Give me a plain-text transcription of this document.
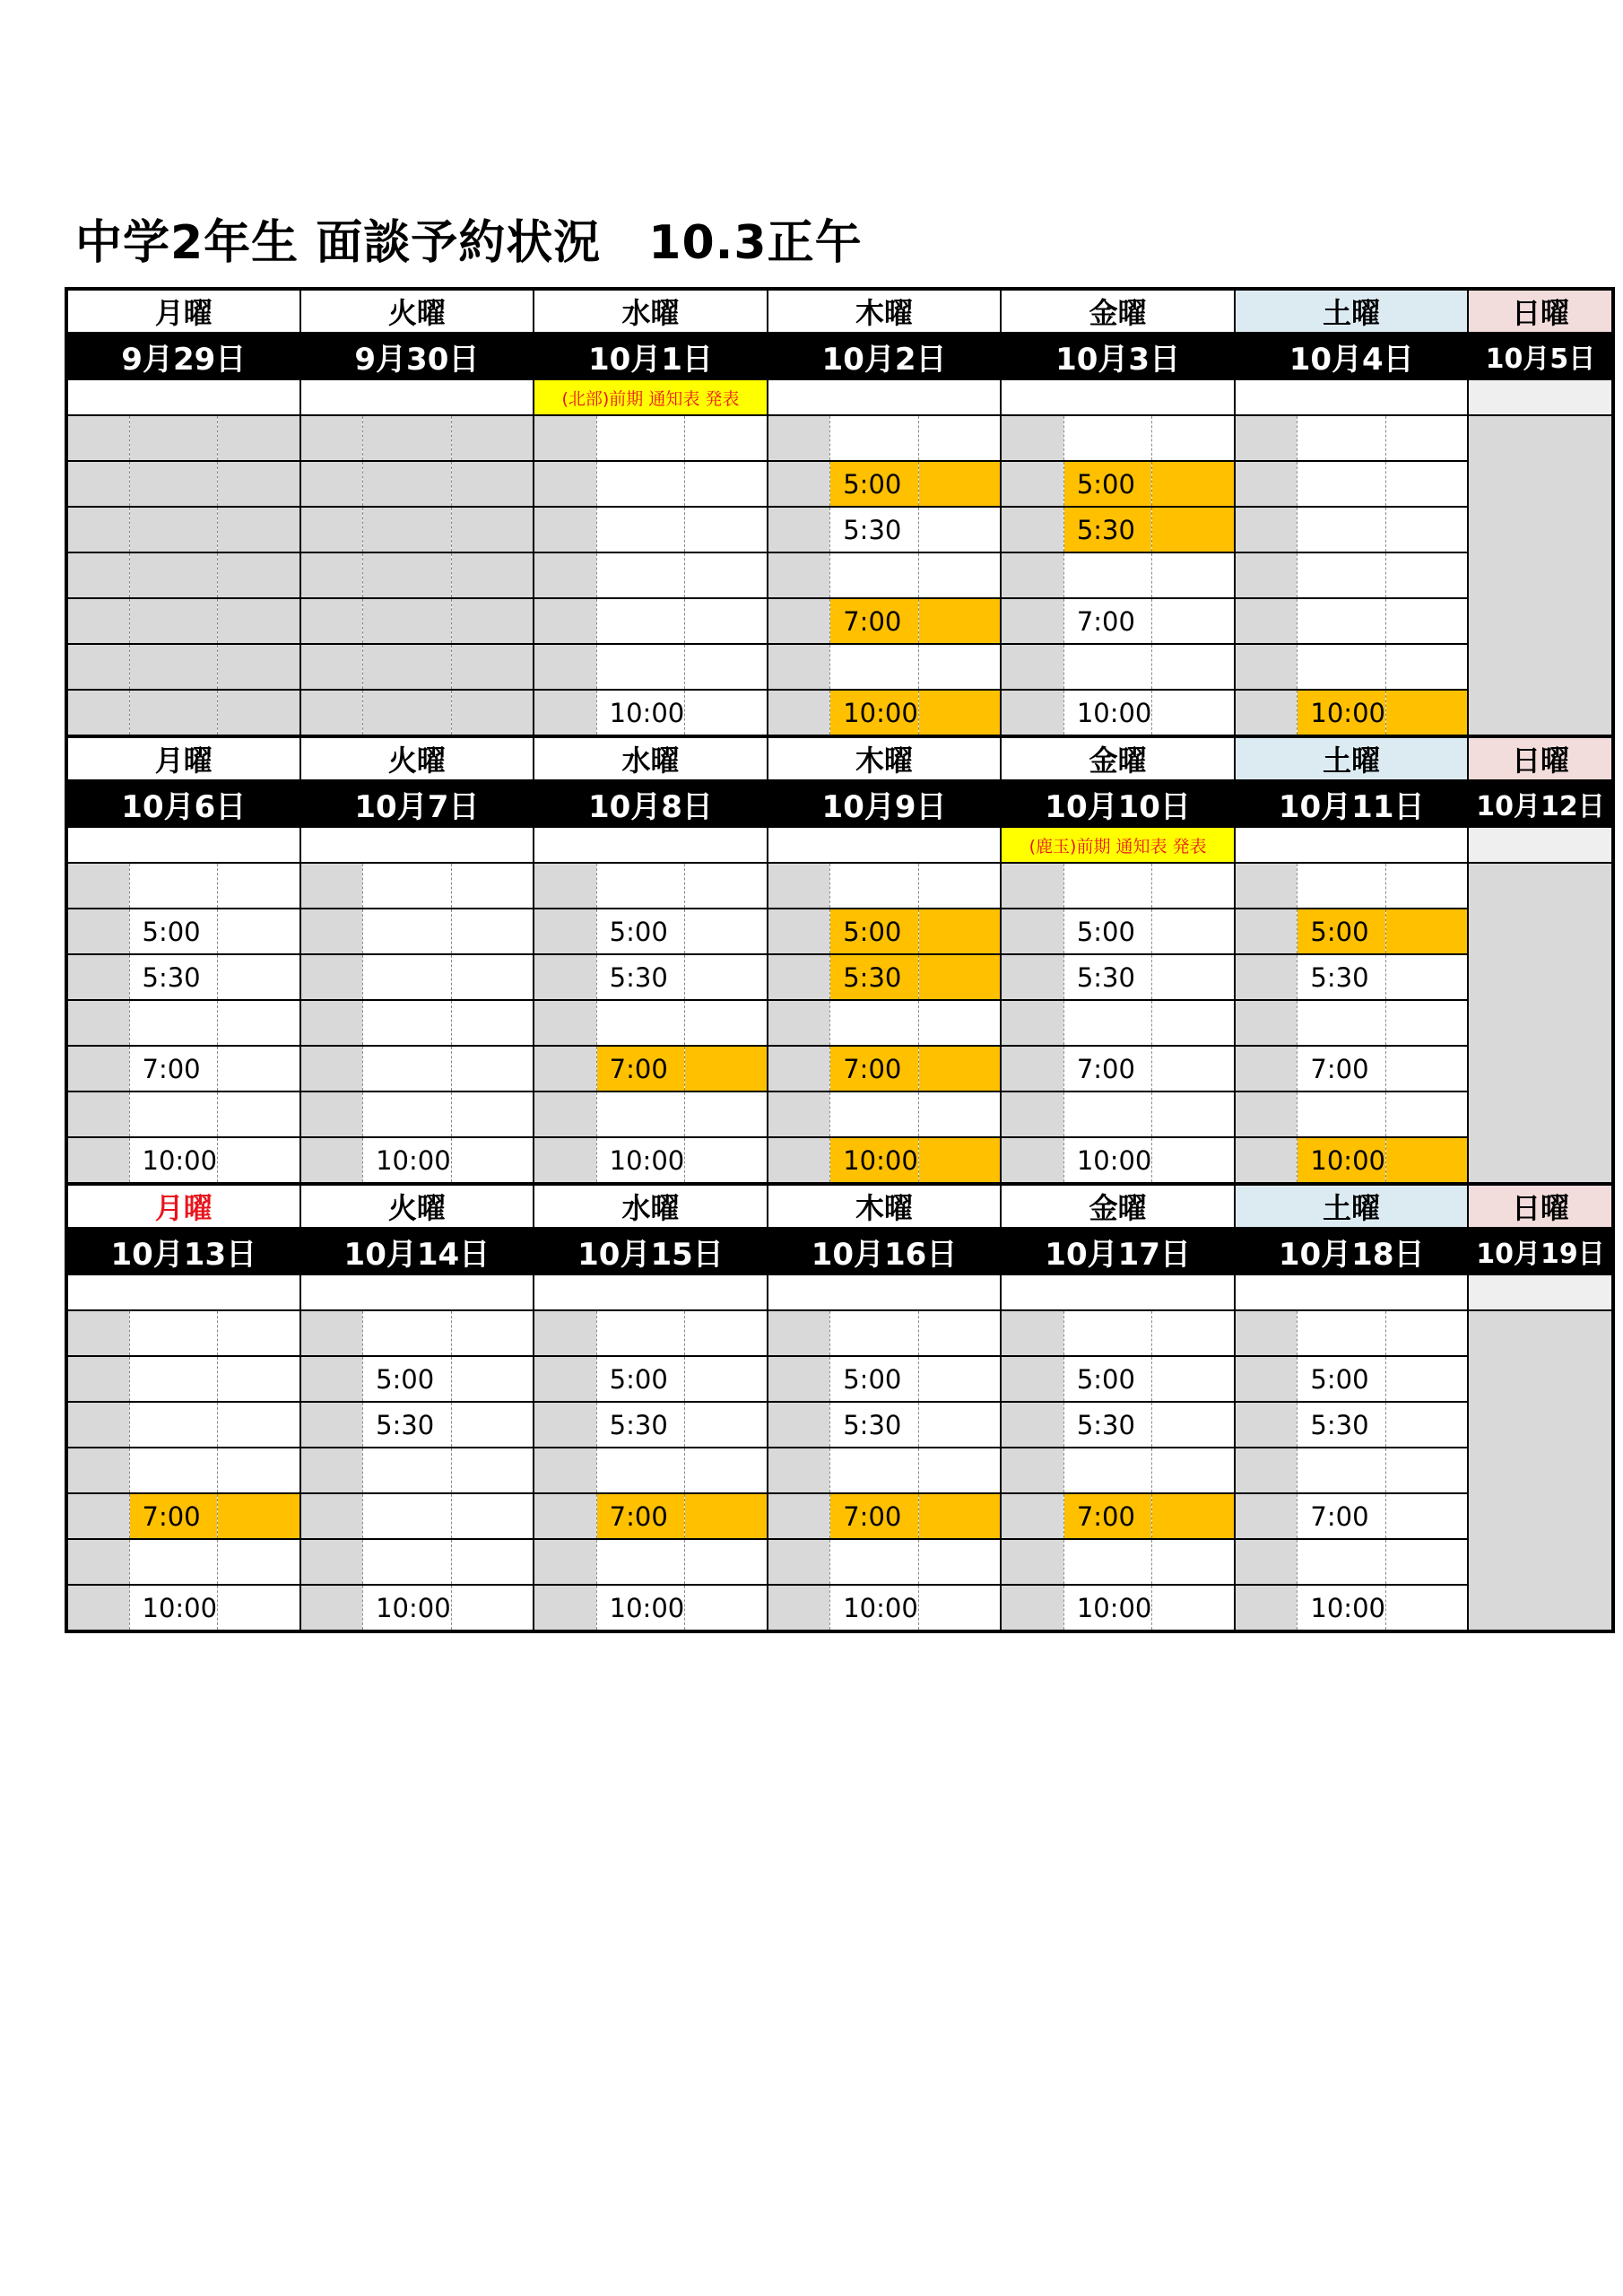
中学2年生 面談予約状況　10.3正午
月曜			火曜			水曜			木曜			金曜			土曜			日曜
9月29日			9月30日			10月1日			10月2日			10月3日			10月4日			10月5日
						(北部)前期 通知表 発表												

										5:00			5:00					
										5:30			5:30					

										7:00			7:00					

							10:00			10:00			10:00			10:00		
月曜			火曜			水曜			木曜			金曜			土曜			日曜
10月6日			10月7日			10月8日			10月9日			10月10日			10月11日			10月12日
												(鹿玉)前期 通知表 発表						

	5:00						5:00			5:00			5:00			5:00		
	5:30						5:30			5:30			5:30			5:30		

	7:00						7:00			7:00			7:00			7:00		

	10:00			10:00			10:00			10:00			10:00			10:00		
月曜			火曜			水曜			木曜			金曜			土曜			日曜
10月13日			10月14日			10月15日			10月16日			10月17日			10月18日			10月19日

				5:00			5:00			5:00			5:00			5:00		
				5:30			5:30			5:30			5:30			5:30		

	7:00						7:00			7:00			7:00			7:00		

	10:00			10:00			10:00			10:00			10:00			10:00		
